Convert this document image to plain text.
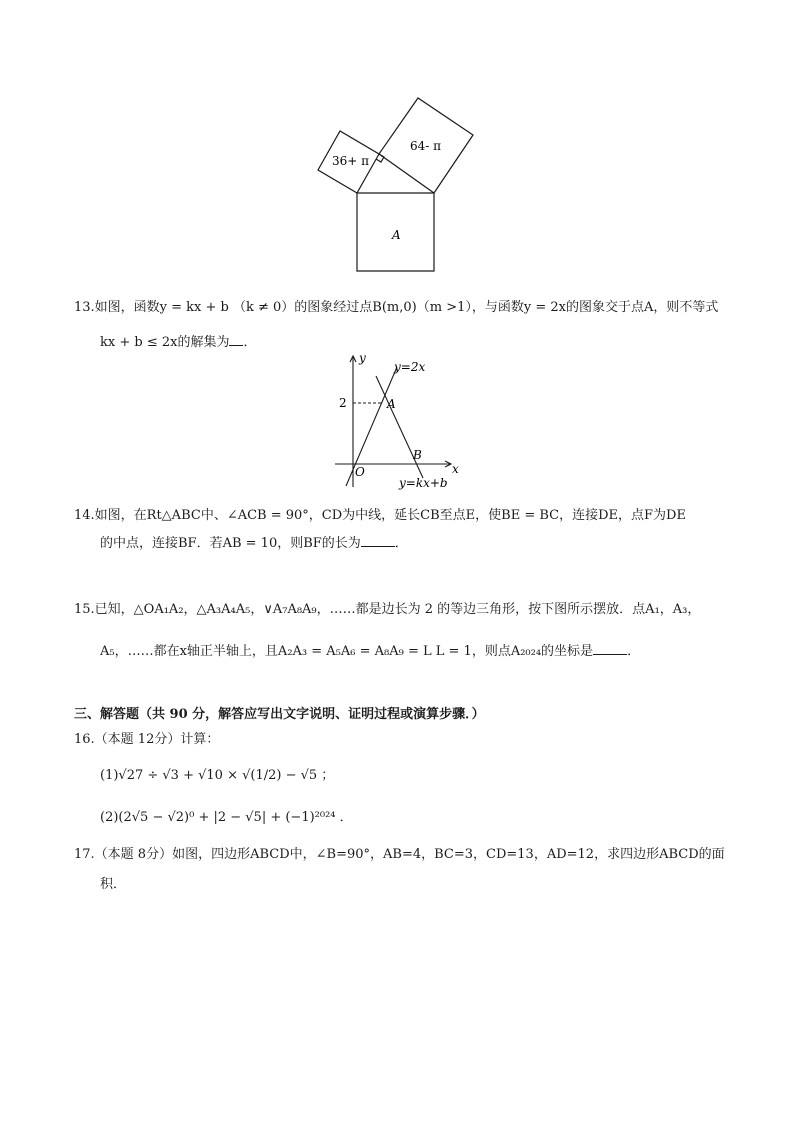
36+ π
64- π
A
13.如图，函数y = kx + b （k ≠ 0）的图象经过点B(m,0)（m >1），与函数y = 2x的图象交于点A，则不等式
kx + b ≤ 2x的解集为 ．
y
x
y=2x
y=kx+b
2	A
B
O
14.如图，在Rt△ABC中、∠ACB = 90°，CD为中线，延长CB至点E，使BE = BC，连接DE，点F为DE
的中点，连接BF．若AB = 10，则BF的长为	．
15.已知，△OA₁A₂，△A₃A₄A₅，∨A₇A₈A₉，……都是边长为 2 的等边三角形，按下图所示摆放．点A₁，A₃，
A₅，……都在x轴正半轴上，且A₂A₃ = A₅A₆ = A₈A₉ = L L = 1，则点A₂₀₂₄的坐标是	．
三、解答题（共 90 分，解答应写出文字说明、证明过程或演算步骤．）
16.（本题 12分）计算：
(1)√27 ÷ √3 + √10 × √(1/2) − √5 ；
(2)(2√5 − √2)⁰ + |2 − √5| + (−1)²⁰²⁴ ．
17.（本题 8分）如图，四边形ABCD中，∠B=90°，AB=4，BC=3，CD=13，AD=12，求四边形ABCD的面
积．
